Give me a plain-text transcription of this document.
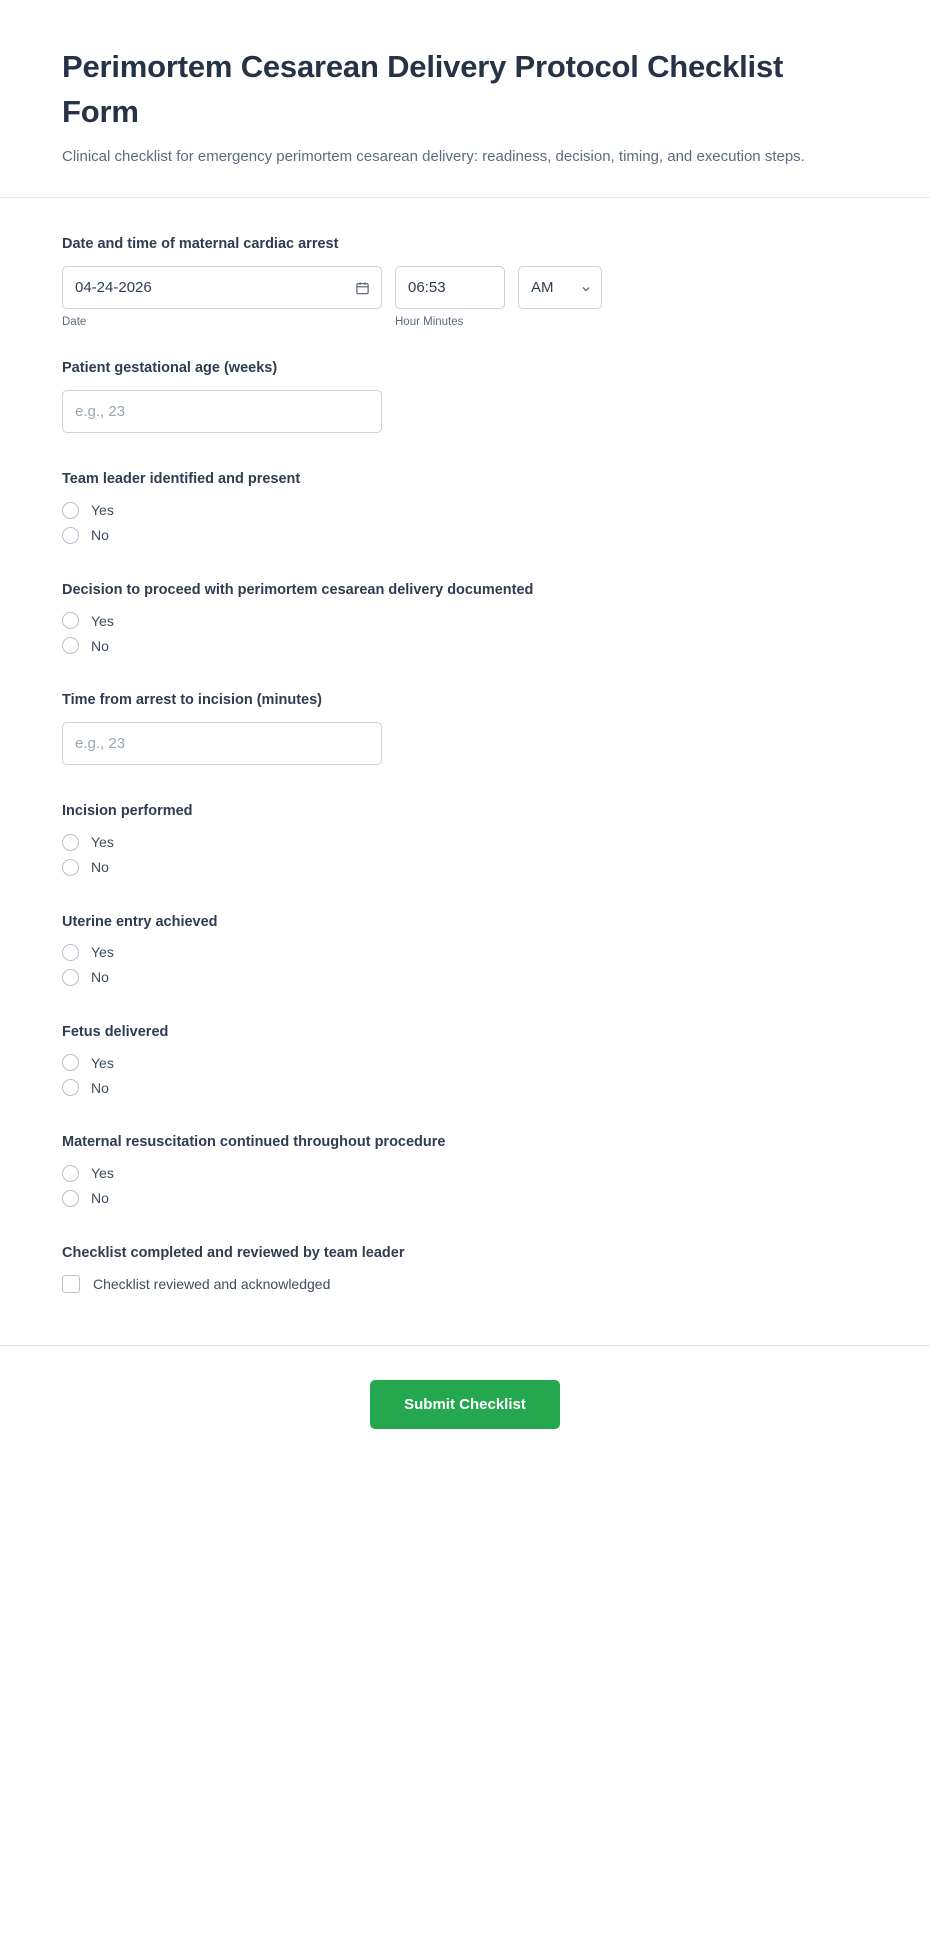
Perimortem Cesarean Delivery Protocol Checklist Form

Clinical checklist for emergency perimortem cesarean delivery: readiness, decision, timing, and execution steps.

Date and time of maternal cardiac arrest
04-24-2026
Date
06:53
Hour Minutes
AM
Patient gestational age (weeks)
e.g., 23
Team leader identified and present
Yes
No
Decision to proceed with perimortem cesarean delivery documented
Yes
No
Time from arrest to incision (minutes)
e.g., 23
Incision performed
Yes
No
Uterine entry achieved
Yes
No
Fetus delivered
Yes
No
Maternal resuscitation continued throughout procedure
Yes
No
Checklist completed and reviewed by team leader
Checklist reviewed and acknowledged
Submit Checklist
